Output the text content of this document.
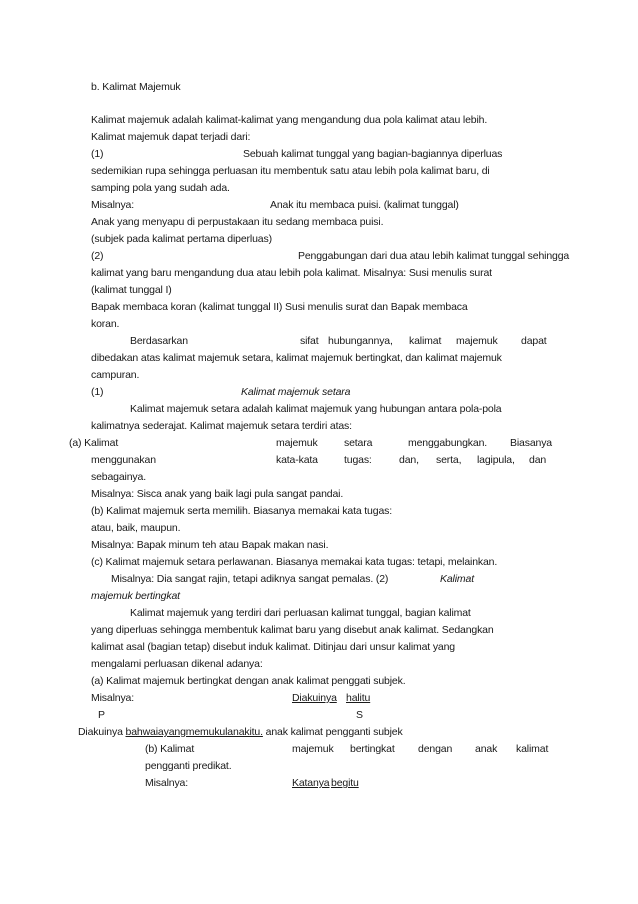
b. Kalimat Majemuk
Kalimat majemuk adalah kalimat-kalimat yang mengandung dua pola kalimat atau lebih.
Kalimat majemuk dapat terjadi dari:
(1)	Sebuah kalimat tunggal yang bagian-bagiannya diperluas
sedemikian rupa sehingga perluasan itu membentuk satu atau lebih pola kalimat baru, di
samping pola yang sudah ada.
Misalnya:	Anak itu membaca puisi. (kalimat tunggal)
Anak yang menyapu di perpustakaan itu sedang membaca puisi.
(subjek pada kalimat pertama diperluas)
(2)	Penggabungan dari dua atau lebih kalimat tunggal sehingga
kalimat yang baru mengandung dua atau lebih pola kalimat. Misalnya: Susi menulis surat
(kalimat tunggal I)
Bapak membaca koran (kalimat tunggal II) Susi menulis surat dan Bapak membaca
koran.
Berdasarkan	sifat hubungannya, kalimat majemuk dapat
dibedakan atas kalimat majemuk setara, kalimat majemuk bertingkat, dan kalimat majemuk
campuran.
(1)	Kalimat majemuk setara
Kalimat majemuk setara adalah kalimat majemuk yang hubungan antara pola-pola
kalimatnya sederajat. Kalimat majemuk setara terdiri atas:
(a) Kalimat	majemuk	setara	menggabungkan. Biasanya
menggunakan	kata-kata tugas:	dan, serta, lagipula, dan
sebagainya.
Misalnya: Sisca anak yang baik lagi pula sangat pandai.
(b) Kalimat majemuk serta memilih. Biasanya memakai kata tugas:
atau, baik, maupun.
Misalnya: Bapak minum teh atau Bapak makan nasi.
(c) Kalimat majemuk setara perlawanan. Biasanya memakai kata tugas: tetapi, melainkan.
Misalnya: Dia sangat rajin, tetapi adiknya sangat pemalas. (2)	Kalimat
majemuk bertingkat
Kalimat majemuk yang terdiri dari perluasan kalimat tunggal, bagian kalimat
yang diperluas sehingga membentuk kalimat baru yang disebut anak kalimat. Sedangkan
kalimat asal (bagian tetap) disebut induk kalimat. Ditinjau dari unsur kalimat yang
mengalami perluasan dikenal adanya:
(a) Kalimat majemuk bertingkat dengan anak kalimat penggati subjek.
Misalnya:	Diakuinya halitu
P	S
Diakuinya bahwaiayangmemukulanakitu. anak kalimat pengganti subjek
(b) Kalimat	majemuk bertingkat dengan anak kalimat
pengganti predikat.
Misalnya:	Katanya begitu
